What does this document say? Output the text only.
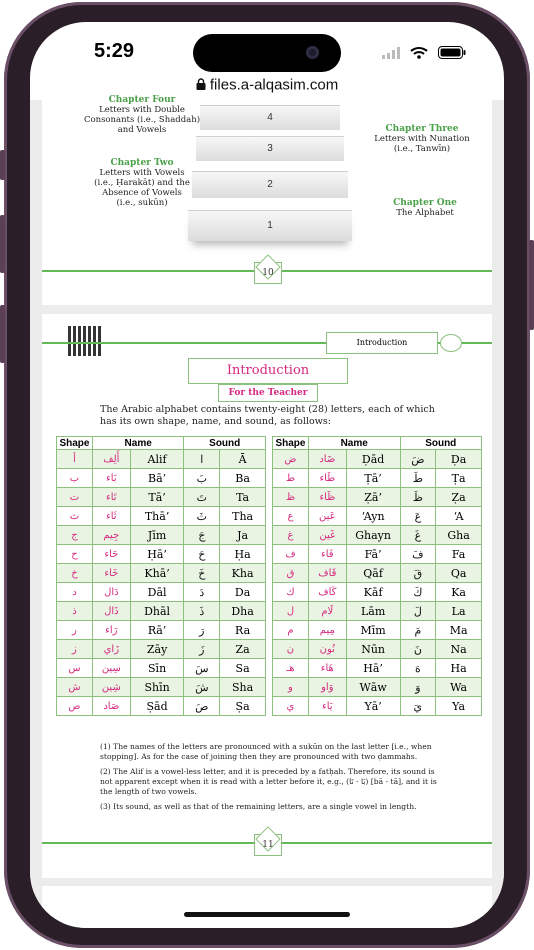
5:29
files.a-alqasim.com
Chapter Four
Letters with Double
Consonants (i.e., Shaddah)
and Vowels
4
3
2
1
Chapter Three
Letters with Nunation
(i.e., Tanwīn)
Chapter Two
Letters with Vowels
(i.e., Ḥarakāt) and the
Absence of Vowels
(i.e., sukūn)	Chapter One
The Alphabet
10
Introduction
Introduction
For the Teacher
The Arabic alphabet contains twenty-eight (28) letters, each of which has its own shape, name, and sound, as follows:
Shape	Name		Sound	
أ	أَلِف	Alif	ا	Ā
ب	بَاء	Bā’	بَ	Ba
ت	تَاء	Tā’	تَ	Ta
ث	ثَاء	Thā’	ثَ	Tha
ج	جِيم	Jīm	جَ	Ja
ح	حَاء	Ḥā’	حَ	Ḥa
خ	خَاء	Khā’	خَ	Kha
د	دَال	Dāl	دَ	Da
ذ	ذَال	Dhāl	ذَ	Dha
ر	رَاء	Rā’	رَ	Ra
ز	زَاي	Zāy	زَ	Za
س	سِين	Sīn	سَ	Sa
ش	شِين	Shīn	شَ	Sha
ص	صَاد	Ṣād	صَ	Ṣa
Shape	Name		Sound	
ض	ضَاد	Ḍād	ضَ	Ḍa
ط	طَاء	Ṭā’	طَ	Ṭa
ظ	ظَاء	Ẓā’	ظَ	Ẓa
ع	عَين	‘Ayn	عَ	‘A
غ	غَين	Ghayn	غَ	Gha
ف	فَاء	Fā’	فَ	Fa
ق	قَاف	Qāf	قَ	Qa
ك	كَاف	Kāf	كَ	Ka
ل	لَام	Lām	لَ	La
م	مِيم	Mīm	مَ	Ma
ن	نُون	Nūn	نَ	Na
هـ	هَاء	Hā’	هَ	Ha
و	وَاو	Wāw	وَ	Wa
ي	يَاء	Yā’	يَ	Ya
(1) The names of the letters are pronounced with a sukūn on the last letter [i.e., when stopping]. As for the case of joining then they are pronounced with two ḍammahs.
(2) The Alif is a vowel-less letter, and it is preceded by a fatḥah. Therefore, its sound is not apparent except when it is read with a letter before it, e.g., (بَا - تَا) [bā - tā], and it is the length of two vowels.
(3) Its sound, as well as that of the remaining letters, are a single vowel in length.
11
